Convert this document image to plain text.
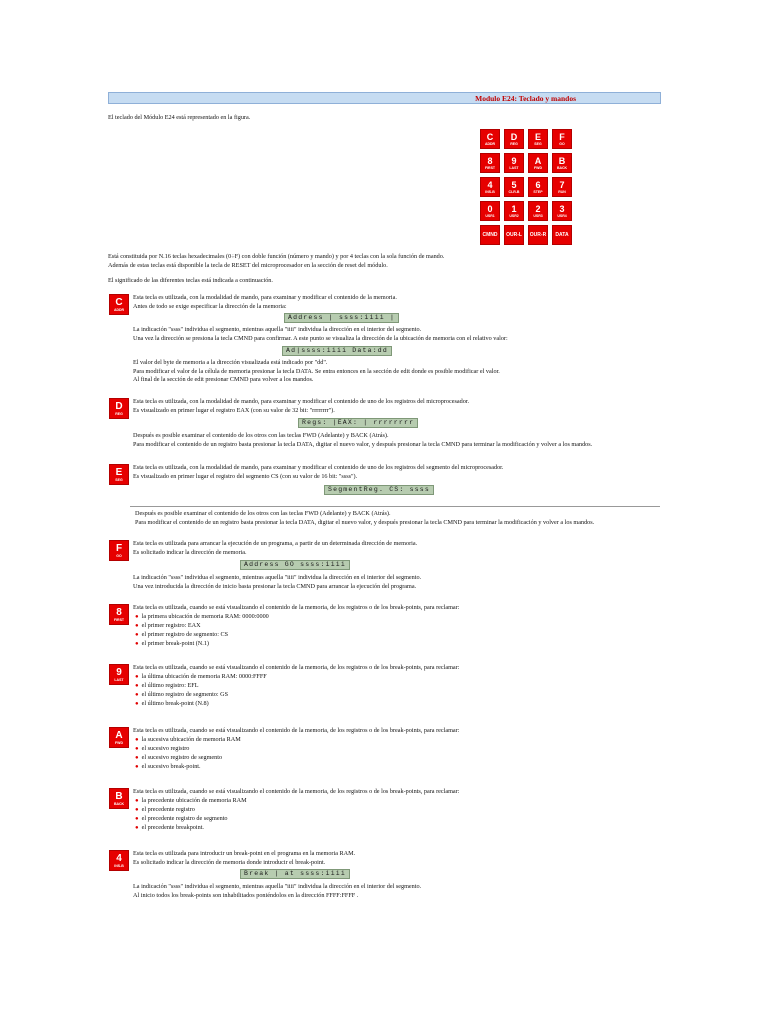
Modulo E24: Teclado y mandos
El teclado del Módulo E24 está representado en la figura.
C
ADDR
D
REG
E
SEG
F
GO
8
FIRST
9
LAST
A
FWD
B
BACK
4
INS-B
5
CLR-B
6
STEP
7
RUN
0
USR1
1
USR2
2
USR3
3
USR4
CMND OUR-L OUR-R DATA
Está constituida por N.16 teclas hexadecimales (0÷F) con doble función (número y mando) y por 4 teclas con la sola función de mando.
Además de estas teclas está disponible la tecla de RESET del microprocesador en la sección de reset del módulo.
El significado de las diferentes teclas está indicada a continuación.
C
ADDR
Esta tecla es utilizada, con la modalidad de mando, para examinar y modificar el contenido de la memoria.
Antes de todo se exige especificar la dirección de la memoria:
Address | ssss:iiii |
La indicación "ssss" individua el segmento, mientras aquella "iiii" individua la dirección en el interior del segmento.
Una vez la dirección se presiona la tecla CMND para confirmar. A este punto se visualiza la dirección de la ubicación de memoria con el relativo valor:
Ad|ssss:iiii Data:dd
El valor del byte de memoria a la dirección visualizada está indicado por "dd".
Para modificar el valor de la célula de memoria presionar la tecla DATA. Se entra entonces en la sección de edit donde es posible modificar el valor.
Al final de la sección de edit presionar CMND para volver a los mandos.
D
REG
Esta tecla es utilizada, con la modalidad de mando, para examinar y modificar el contenido de uno de los registros del microprocesador.
Es visualizado en primer lugar el registro EAX (con su valor de 32 bit: "rrrrrrrr").
Regs: |EAX: | rrrrrrrr
Después es posible examinar el contenido de los otros con las teclas FWD (Adelante) y BACK (Atrás).
Para modificar el contenido de un registro basta presionar la tecla DATA, digitar el nuevo valor, y después presionar la tecla CMND para terminar la modificación y volver a los mandos.
E
SEG
Esta tecla es utilizada, con la modalidad de mando, para examinar y modificar el contenido de uno de los registros del segmento del microprocesador.
Es visualizado en primer lugar el registro del segmento CS (con su valor de 16 bit: "ssss").
SegmentReg. CS: ssss
Después es posible examinar el contenido de los otros con las teclas FWD (Adelante) y BACK (Atrás).
Para modificar el contenido de un registro basta presionar la tecla DATA, digitar el nuevo valor, y después presionar la tecla CMND para terminar la modificación y volver a los mandos.
F
GO
Esta tecla es utilizada para arrancar la ejecución de un programa, a partir de un determinada dirección de memoria.
Es solicitado indicar la dirección de memoria.
Address GO ssss:iiii
La indicación "ssss" individua el segmento, mientras aquella "iiii" individua la dirección en el interior del segmento.
Una vez introducida la dirección de inicio basta presionar la tecla CMND para arrancar la ejecución del programa.
8
FIRST
Esta tecla es utilizada, cuando se está visualizando el contenido de la memoria, de los registros o de los break-points, para reclamar:
● la primera ubicación de memoria RAM: 0000:0000
● el primer registro: EAX
● el primer registro de segmento: CS
● el primer break-point (N.1)
9
LAST
Esta tecla es utilizada, cuando se está visualizando el contenido de la memoria, de los registros o de los break-points, para reclamar:
● la última ubicación de memoria RAM: 0000:FFFF
● el último registro: EFL
● el último registro de segmento: GS
● el último break-point (N.8)
A
FWD
Esta tecla es utilizada, cuando se está visualizando el contenido de la memoria, de los registros o de los break-points, para reclamar:
● la sucesiva ubicación de memoria RAM
● el sucesivo registro
● el sucesivo registro de segmento
● el sucesivo break-point.
B
BACK
Esta tecla es utilizada, cuando se está visualizando el contenido de la memoria, de los registros o de los break-points, para reclamar:
● la precedente ubicación de memoria RAM
● el precedente registro
● el precedente registro de segmento
● el precedente breakpoint.
4
INS-B
Esta tecla es utilizada para introducir un break-point en el programa en la memoria RAM.
Es solicitado indicar la dirección de memoria donde introducir el break-point.
Break | at ssss:iiii
La indicación "ssss" individua el segmento, mientras aquella "iiii" individua la dirección en el interior del segmento.
Al inicio todos los break-points son inhabilitados poniéndolos en la dirección FFFF:FFFF .
